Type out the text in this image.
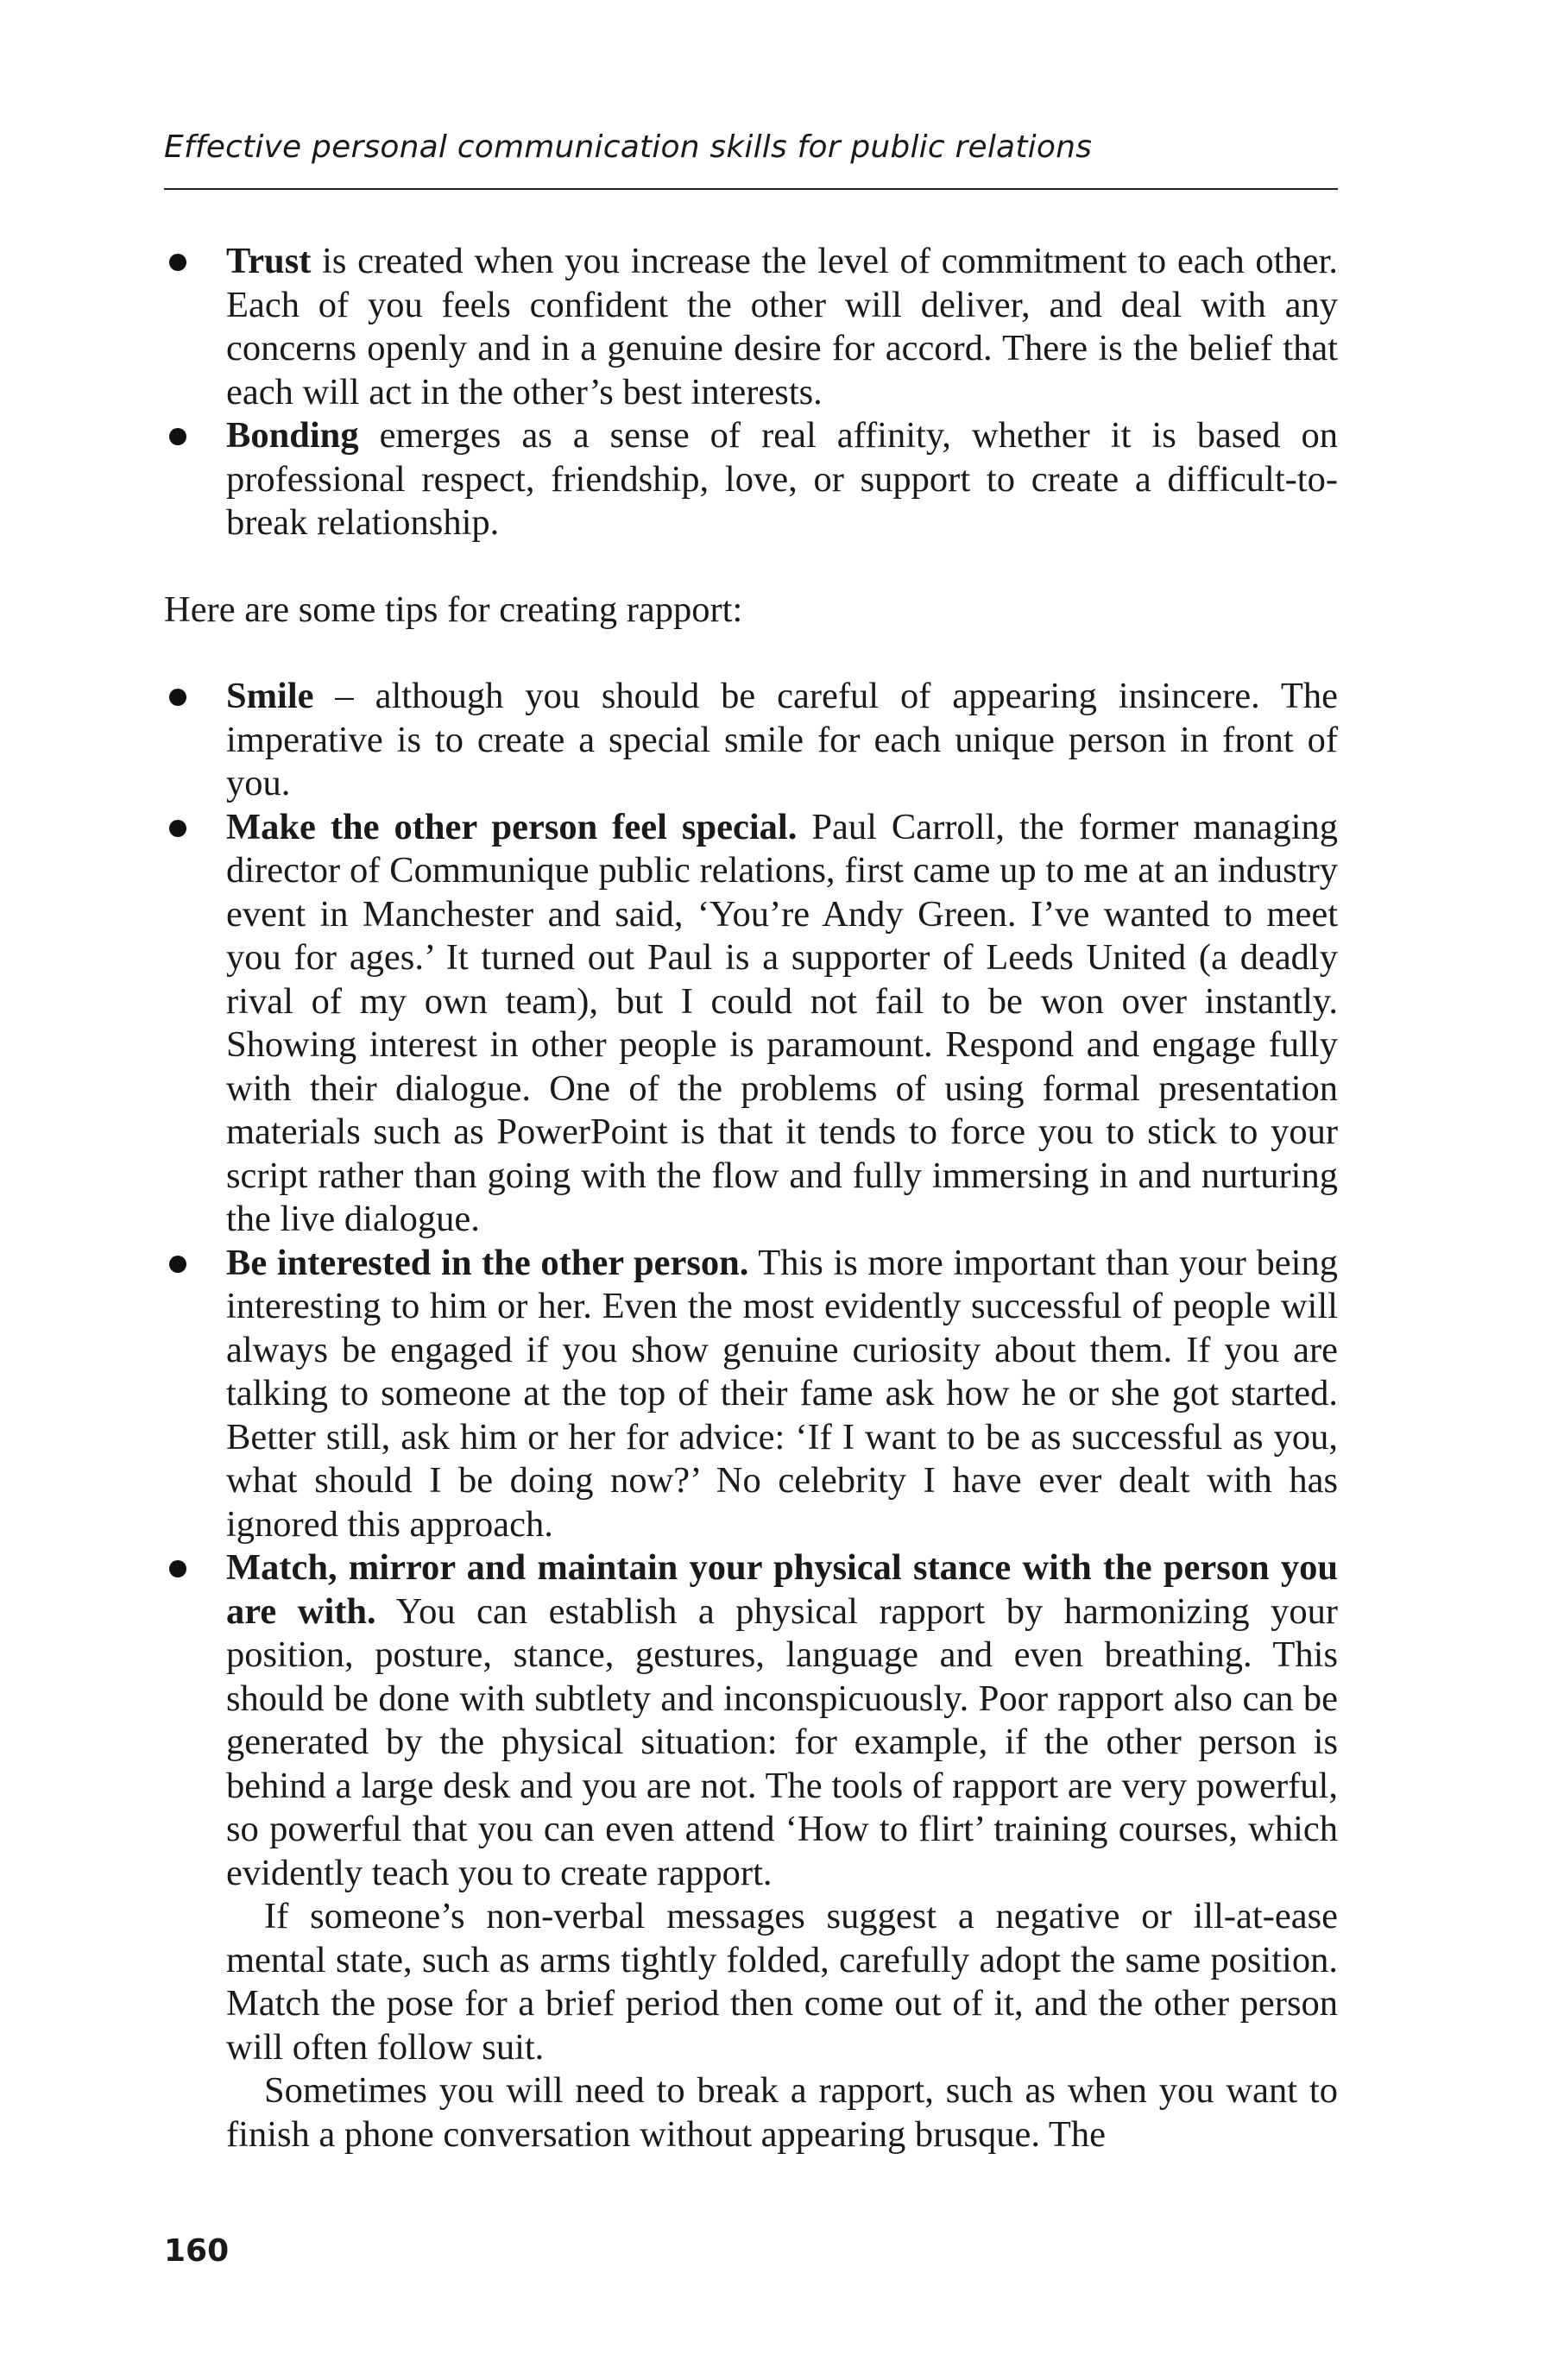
Effective personal communication skills for public relations
Trust is created when you increase the level of commitment to each other. Each of you feels confident the other will deliver, and deal with any concerns openly and in a genuine desire for accord. There is the belief that each will act in the other’s best interests.
Bonding emerges as a sense of real affinity, whether it is based on professional respect, friendship, love, or support to create a difficult-to-break relationship.

Here are some tips for creating rapport:

Smile – although you should be careful of appearing insincere. The imperative is to create a special smile for each unique person in front of you.
Make the other person feel special. Paul Carroll, the former managing director of Communique public relations, first came up to me at an industry event in Manchester and said, ‘You’re Andy Green. I’ve wanted to meet you for ages.’ It turned out Paul is a supporter of Leeds United (a deadly rival of my own team), but I could not fail to be won over instantly. Showing interest in other people is paramount. Respond and engage fully with their dialogue. One of the problems of using formal presentation materials such as PowerPoint is that it tends to force you to stick to your script rather than going with the flow and fully immersing in and nurturing the live dialogue.
Be interested in the other person. This is more important than your being interesting to him or her. Even the most evidently successful of people will always be engaged if you show genuine curiosity about them. If you are talking to someone at the top of their fame ask how he or she got started. Better still, ask him or her for advice: ‘If I want to be as successful as you, what should I be doing now?’ No celebrity I have ever dealt with has ignored this approach.
Match, mirror and maintain your physical stance with the person you are with. You can establish a physical rapport by harmonizing your position, posture, stance, gestures, language and even breathing. This should be done with subtlety and inconspicuously. Poor rapport also can be generated by the physical situation: for example, if the other person is behind a large desk and you are not. The tools of rapport are very powerful, so powerful that you can even attend ‘How to flirt’ training courses, which evidently teach you to create rapport.

If someone’s non-verbal messages suggest a negative or ill-at-ease mental state, such as arms tightly folded, carefully adopt the same position. Match the pose for a brief period then come out of it, and the other person will often follow suit.

Sometimes you will need to break a rapport, such as when you want to finish a phone conversation without appearing brusque. The

160
